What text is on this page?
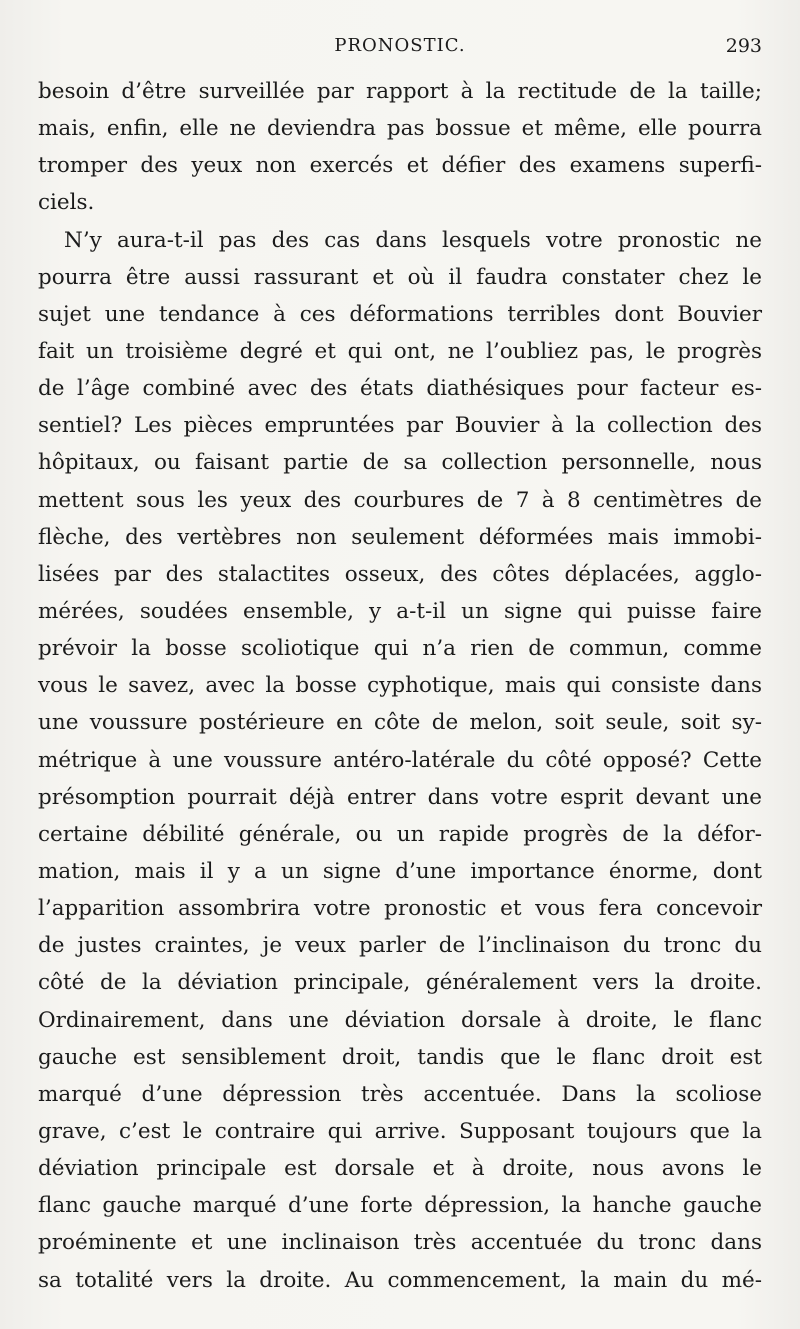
PRONOSTIC.	293
besoin d’être surveillée par rapport à la rectitude de la taille;
mais, enfin, elle ne deviendra pas bossue et même, elle pourra
tromper des yeux non exercés et défier des examens superfi-
ciels.
N’y aura-t-il pas des cas dans lesquels votre pronostic ne
pourra être aussi rassurant et où il faudra constater chez le
sujet une tendance à ces déformations terribles dont Bouvier
fait un troisième degré et qui ont, ne l’oubliez pas, le progrès
de l’âge combiné avec des états diathésiques pour facteur es-
sentiel? Les pièces empruntées par Bouvier à la collection des
hôpitaux, ou faisant partie de sa collection personnelle, nous
mettent sous les yeux des courbures de 7 à 8 centimètres de
flèche, des vertèbres non seulement déformées mais immobi-
lisées par des stalactites osseux, des côtes déplacées, agglo-
mérées, soudées ensemble, y a-t-il un signe qui puisse faire
prévoir la bosse scoliotique qui n’a rien de commun, comme
vous le savez, avec la bosse cyphotique, mais qui consiste dans
une voussure postérieure en côte de melon, soit seule, soit sy-
métrique à une voussure antéro-latérale du côté opposé? Cette
présomption pourrait déjà entrer dans votre esprit devant une
certaine débilité générale, ou un rapide progrès de la défor-
mation, mais il y a un signe d’une importance énorme, dont
l’apparition assombrira votre pronostic et vous fera concevoir
de justes craintes, je veux parler de l’inclinaison du tronc du
côté de la déviation principale, généralement vers la droite.
Ordinairement, dans une déviation dorsale à droite, le flanc
gauche est sensiblement droit, tandis que le flanc droit est
marqué d’une dépression très accentuée. Dans la scoliose
grave, c’est le contraire qui arrive. Supposant toujours que la
déviation principale est dorsale et à droite, nous avons le
flanc gauche marqué d’une forte dépression, la hanche gauche
proéminente et une inclinaison très accentuée du tronc dans
sa totalité vers la droite. Au commencement, la main du mé-
